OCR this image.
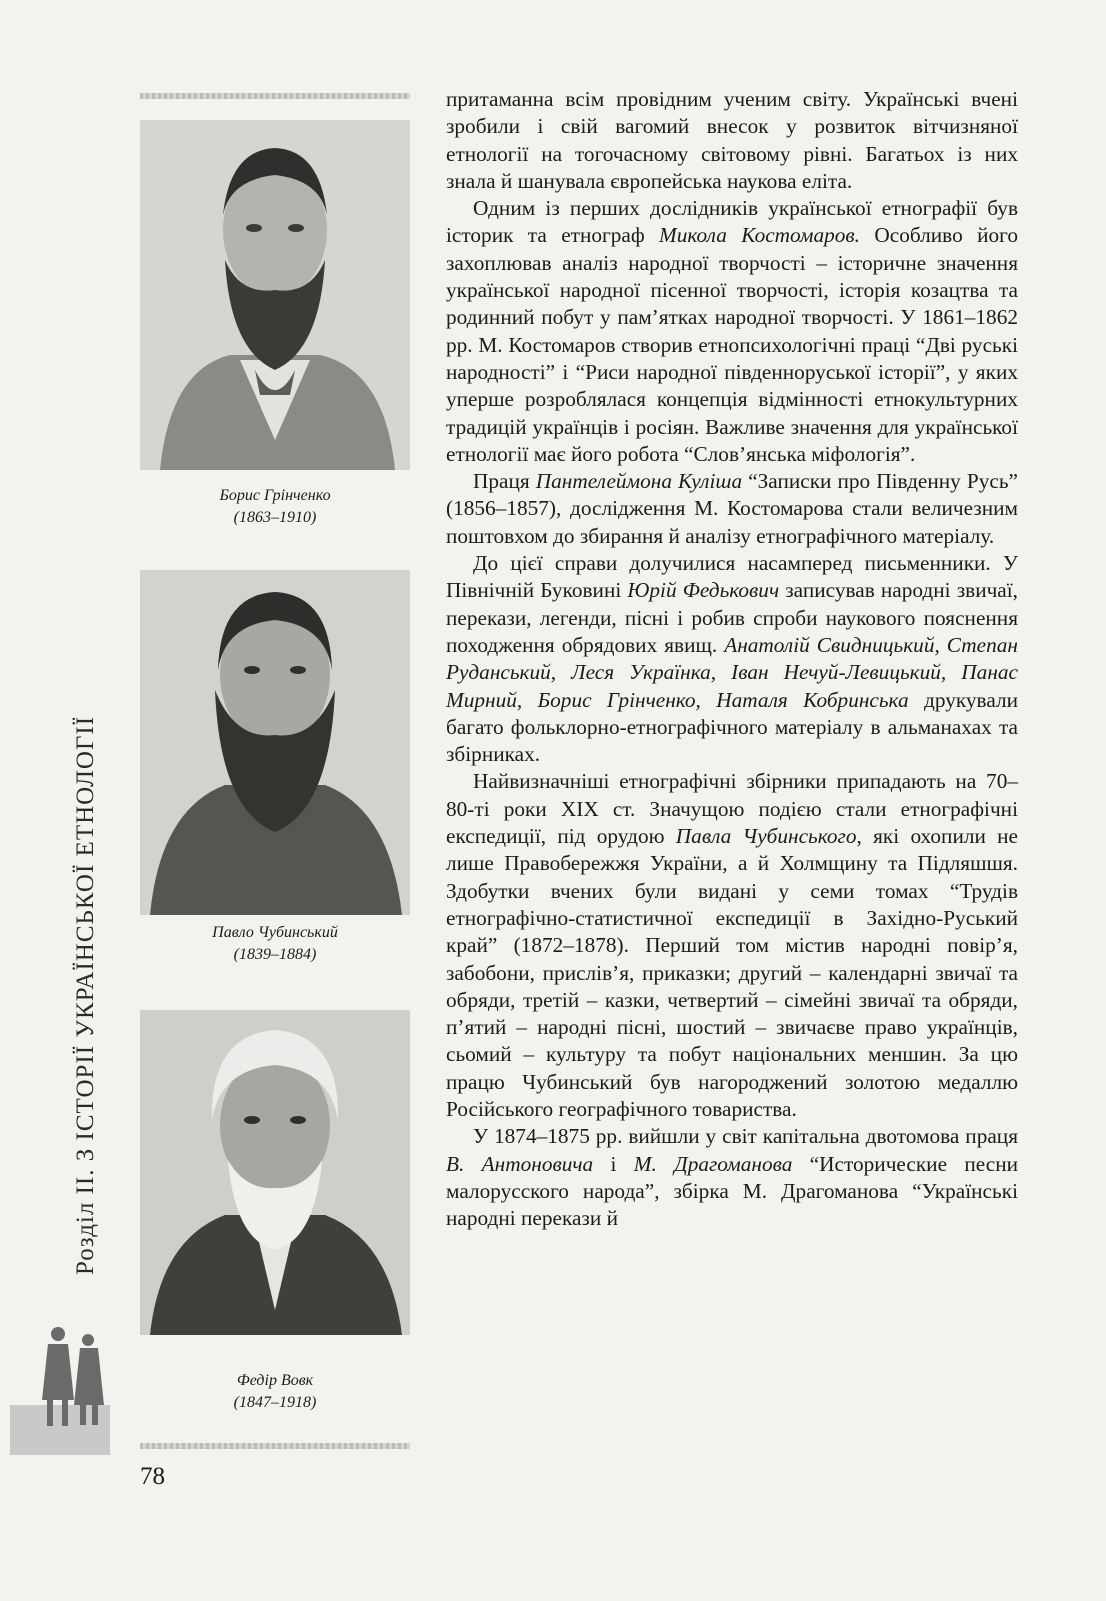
Розділ ІІ. З ІСТОРІЇ УКРАЇНСЬКОЇ ЕТНОЛОГІЇ
78
Борис Грінченко
(1863–1910)
Павло Чубинський
(1839–1884)
Федір Вовк
(1847–1918)

притаманна всім провідним ученим світу. Українські вчені зробили і свій вагомий внесок у розвиток вітчизняної етнології на тогочасному світовому рівні. Багатьох із них знала й шанувала європейська наукова еліта.

Одним із перших дослідників української етнографії був історик та етнограф Микола Костомаров. Особливо його захоплював аналіз народної творчості – історичне значення української народної пісенної творчості, історія козацтва та родинний побут у пам’ятках народної творчості. У 1861–1862 рр. М. Костомаров створив етнопсихологічні праці “Дві руські народності” і “Риси народної південноруської історії”, у яких уперше розроблялася концепція відмінності етнокультурних традицій українців і росіян. Важливе значення для української етнології має його робота “Слов’янська міфологія”.

Праця Пантелеймона Куліша “Записки про Південну Русь” (1856–1857), дослідження М. Костомарова стали величезним поштовхом до збирання й аналізу етнографічного матеріалу.

До цієї справи долучилися насамперед письменники. У Північній Буковині Юрій Федькович записував народні звичаї, перекази, легенди, пісні і робив спроби наукового пояснення походження обрядових явищ. Анатолій Свидницький, Степан Руданський, Леся Українка, Іван Нечуй-Левицький, Панас Мирний, Борис Грінченко, Наталя Кобринська друкували багато фольклорно-етнографічного матеріалу в альманахах та збірниках.

Найвизначніші етнографічні збірники припадають на 70–80-ті роки XIX ст. Значущою подією стали етнографічні експедиції, під орудою Павла Чубинського, які охопили не лише Правобережжя України, а й Холмщину та Підляшшя. Здобутки вчених були видані у семи томах “Трудів етнографічно-статистичної експедиції в Західно-Руський край” (1872–1878). Перший том містив народні повір’я, забобони, прислів’я, приказки; другий – календарні звичаї та обряди, третій – казки, четвертий – сімейні звичаї та обряди, п’ятий – народні пісні, шостий – звичаєве право українців, сьомий – культуру та побут національних меншин. За цю працю Чубинський був нагороджений золотою медаллю Російського географічного товариства.

У 1874–1875 рр. вийшли у світ капітальна двотомова праця В. Антоновича і М. Драгоманова “Исторические песни малорусского народа”, збірка М. Драгоманова “Українські народні перекази й
